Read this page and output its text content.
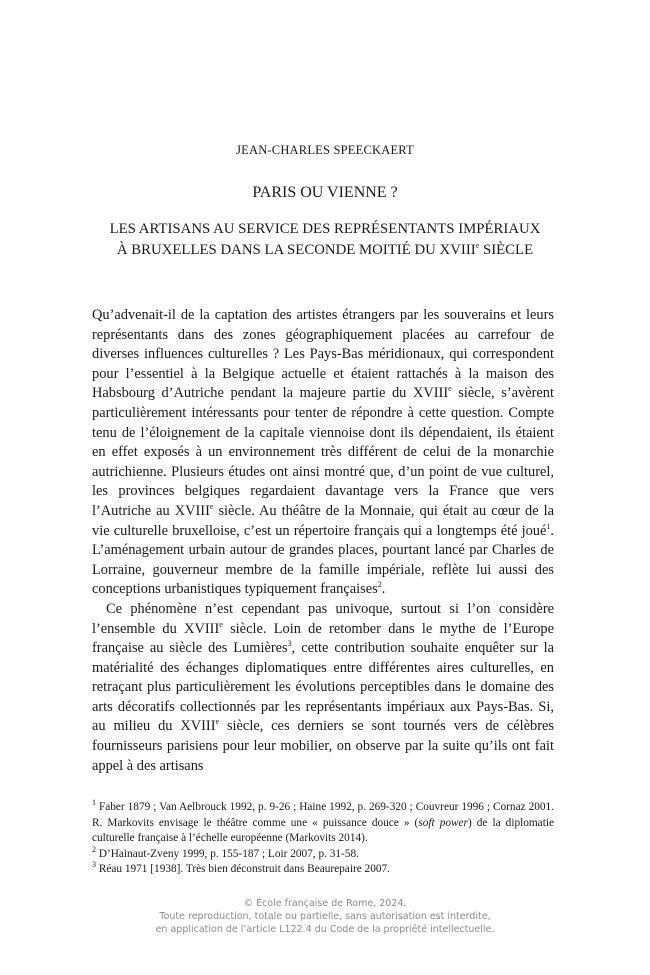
JEAN-CHARLES SPEECKAERT
PARIS OU VIENNE ?
LES ARTISANS AU SERVICE DES REPRÉSENTANTS IMPÉRIAUX
À BRUXELLES DANS LA SECONDE MOITIÉ DU XVIIIe SIÈCLE

Qu’advenait-il de la captation des artistes étrangers par les souverains et leurs représentants dans des zones géographiquement placées au carrefour de diverses influences culturelles ? Les Pays-Bas méridionaux, qui correspondent pour l’essentiel à la Belgique actuelle et étaient rattachés à la maison des Habsbourg d’Autriche pendant la majeure partie du XVIIIe siècle, s’avèrent particulièrement intéressants pour tenter de répondre à cette question. Compte tenu de l’éloignement de la capitale viennoise dont ils dépendaient, ils étaient en effet exposés à un environnement très différent de celui de la monarchie autrichienne. Plusieurs études ont ainsi montré que, d’un point de vue culturel, les provinces belgiques regardaient davantage vers la France que vers l’Autriche au XVIIIe siècle. Au théâtre de la Monnaie, qui était au cœur de la vie culturelle bruxelloise, c’est un répertoire français qui a longtemps été joué$^1$. L’aménagement urbain autour de grandes places, pourtant lancé par Charles de Lorraine, gouverneur membre de la famille impériale, reflète lui aussi des conceptions urbanistiques typiquement françaises$^2$.

Ce phénomène n’est cependant pas univoque, surtout si l’on considère l’ensemble du XVIIIe siècle. Loin de retomber dans le mythe de l’Europe française au siècle des Lumières$^3$, cette contribution souhaite enquêter sur la matérialité des échanges diplomatiques entre différentes aires culturelles, en retraçant plus particulièrement les évolutions perceptibles dans le domaine des arts décoratifs collectionnés par les représentants impériaux aux Pays-Bas. Si, au milieu du XVIIIe siècle, ces derniers se sont tournés vers de célèbres fournisseurs parisiens pour leur mobilier, on observe par la suite qu’ils ont fait appel à des artisans

$^1$ Faber 1879 ; Van Aelbrouck 1992, p. 9-26 ; Haine 1992, p. 269-320 ; Couvreur 1996 ; Cornaz 2001. R. Markovits envisage le théâtre comme une « puissance douce » (soft power) de la diplomatie culturelle française à l’échelle européenne (Markovits 2014).

$^2$ D’Hainaut-Zveny 1999, p. 155-187 ; Loir 2007, p. 31-58.

$^3$ Réau 1971 [1938]. Très bien déconstruit dans Beaurepaire 2007.

© École française de Rome, 2024.
Toute reproduction, totale ou partielle, sans autorisation est interdite,
en application de l’article L122.4 du Code de la propriété intellectuelle.
